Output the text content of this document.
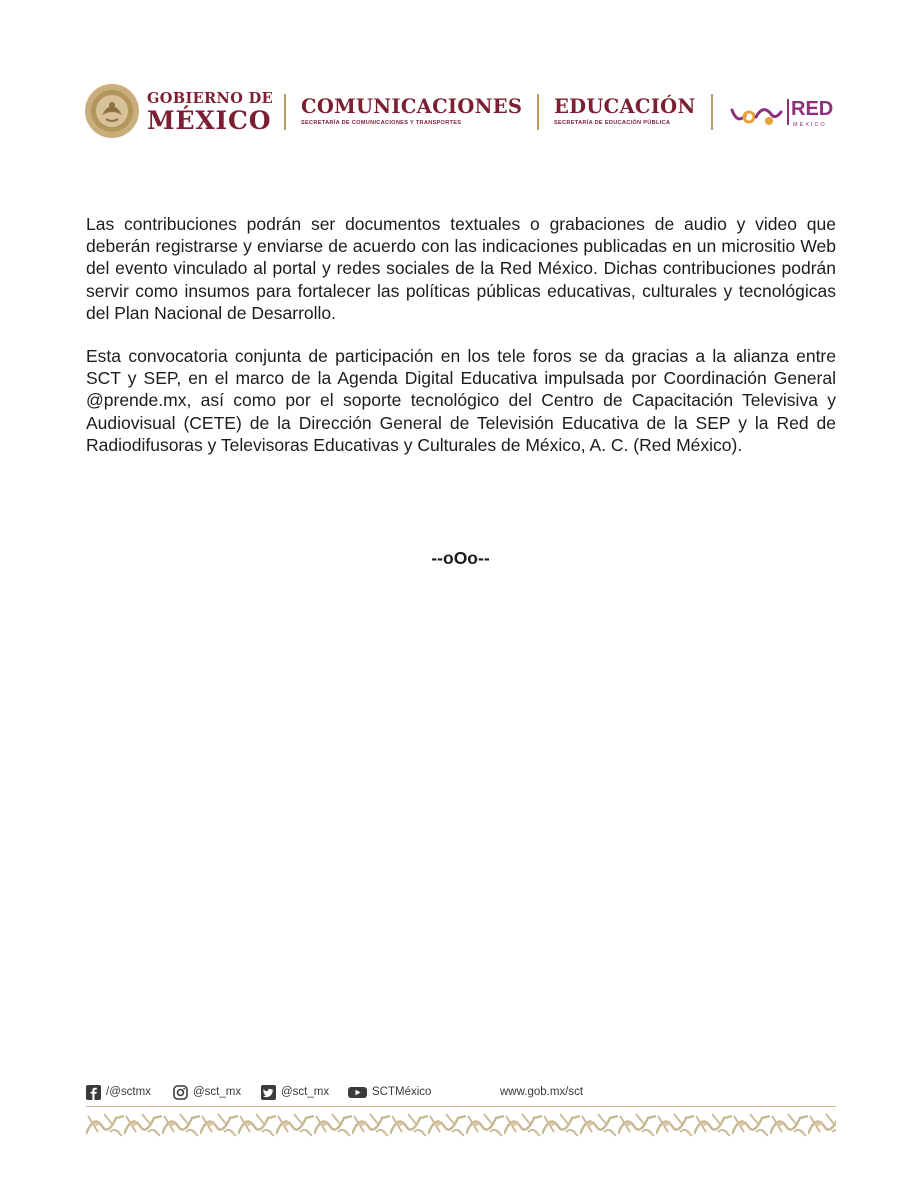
GOBIERNO DE
MÉXICO COMUNICACIONES
SECRETARÍA DE COMUNICACIONES Y TRANSPORTES
EDUCACIÓN
SECRETARÍA DE EDUCACIÓN PÚBLICA
RED
MÉXICO

Las contribuciones podrán ser documentos textuales o grabaciones de audio y video que deberán registrarse y enviarse de acuerdo con las indicaciones publicadas en un micrositio Web del evento vinculado al portal y redes sociales de la Red México. Dichas contribuciones podrán servir como insumos para fortalecer las políticas públicas educativas, culturales y tecnológicas del Plan Nacional de Desarrollo.

Esta convocatoria conjunta de participación en los tele foros se da gracias a la alianza entre SCT y SEP, en el marco de la Agenda Digital Educativa impulsada por Coordinación General @prende.mx, así como por el soporte tecnológico del Centro de Capacitación Televisiva y Audiovisual (CETE) de la Dirección General de Televisión Educativa de la SEP y la Red de Radiodifusoras y Televisoras Educativas y Culturales de México, A. C. (Red México).

--oOo--
/@sctmx	@sct_mx	@sct_mx	SCTMéxico	www.gob.mx/sct
